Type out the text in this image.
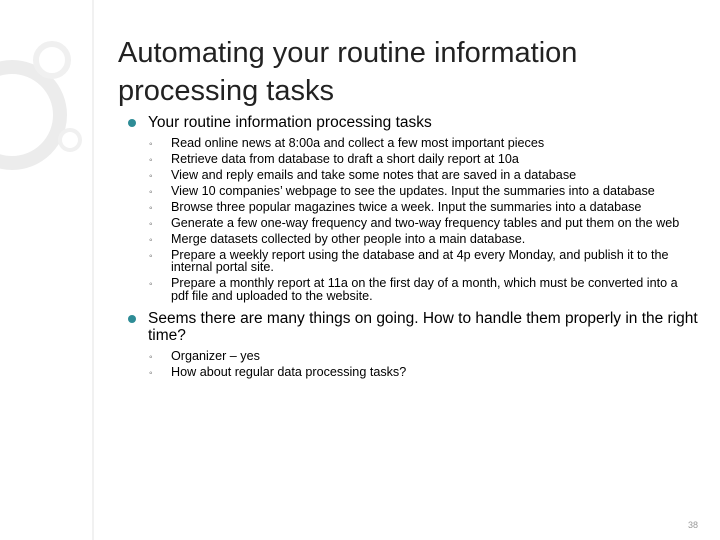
Automating your routine information processing tasks
Your routine information processing tasks
◦ Read online news at 8:00a and collect a few most important pieces
◦ Retrieve data from database to draft a short daily report at 10a
◦ View and reply emails and take some notes that are saved in a database
◦ View 10 companies’ webpage to see the updates. Input the summaries into a database
◦ Browse three popular magazines twice a week. Input the summaries into a database
◦ Generate a few one-way frequency and two-way frequency tables and put them on the web
◦ Merge datasets collected by other people into a main database.
◦ Prepare a weekly report using the database and at 4p every Monday, and publish it to the internal portal site.
◦ Prepare a monthly report at 11a on the first day of a month, which must be converted into a pdf file and uploaded to the website.
Seems there are many things on going. How to handle them properly in the right time?
◦ Organizer – yes
◦ How about regular data processing tasks?
38
